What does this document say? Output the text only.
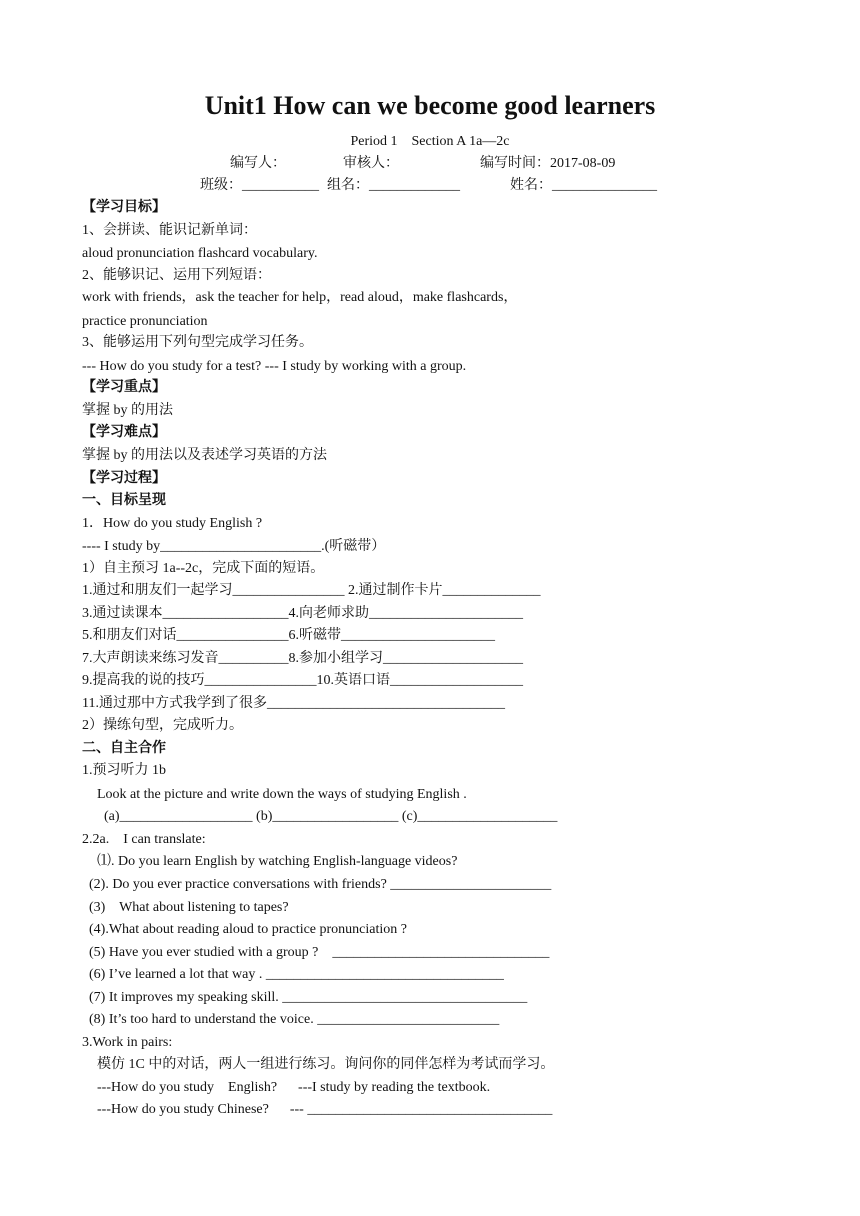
Unit1 How can we become good learners
Period 1    Section A 1a—2c
编写人：	审核人：	编写时间：2017-08-09
班级：___________ 组名：_____________	姓名：_______________
【学习目标】
1、会拼读、能识记新单词：
aloud pronunciation flashcard vocabulary.
2、能够识记、运用下列短语：
work with friends，ask the teacher for help，read aloud，make flashcards，
practice pronunciation
3、能够运用下列句型完成学习任务。
--- How do you study for a test? --- I study by working with a group.
【学习重点】
掌握 by 的用法
【学习难点】
掌握 by 的用法以及表述学习英语的方法
【学习过程】
一、目标呈现
1．How do you study English ?
---- I study by_______________________.(听磁带）
1）自主预习 1a--2c，完成下面的短语。
1.通过和朋友们一起学习________________ 2.通过制作卡片______________
3.通过读课本__________________4.向老师求助______________________
5.和朋友们对话________________6.听磁带______________________
7.大声朗读来练习发音__________8.参加小组学习____________________
9.提高我的说的技巧________________10.英语口语___________________
11.通过那中方式我学到了很多__________________________________
2）操练句型，完成听力。
二、自主合作
1.预习听力 1b
Look at the picture and write down the ways of studying English .
(a)___________________ (b)__________________ (c)____________________
2.2a.    I can translate:
⑴. Do you learn English by watching English-language videos?
(2). Do you ever practice conversations with friends? _______________________
(3)    What about listening to tapes?
(4).What about reading aloud to practice pronunciation ?
(5) Have you ever studied with a group ?    _______________________________
(6) I’ve learned a lot that way . __________________________________
(7) It improves my speaking skill. ___________________________________
(8) It’s too hard to understand the voice. __________________________
3.Work in pairs:
模仿 1C 中的对话，两人一组进行练习。询问你的同伴怎样为考试而学习。
---How do you study    English?      ---I study by reading the textbook.
---How do you study Chinese?      --- ___________________________________
